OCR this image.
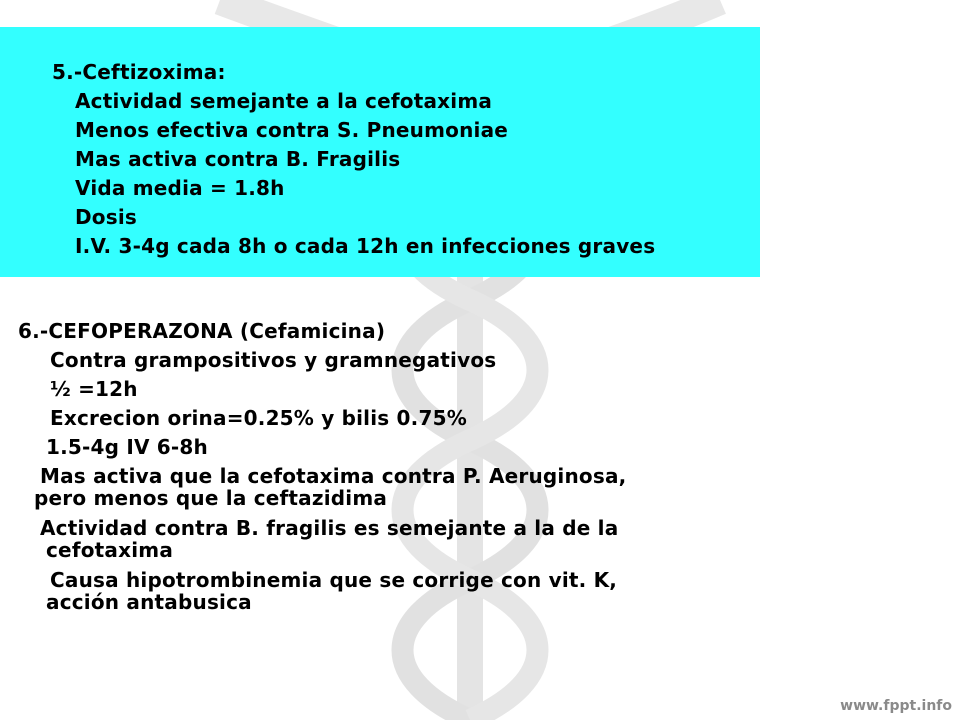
5.-Ceftizoxima:
Actividad semejante a la cefotaxima
Menos efectiva contra S. Pneumoniae
Mas activa contra B. Fragilis
Vida media = 1.8h
Dosis
I.V. 3-4g cada 8h o cada 12h en infecciones graves
6.-CEFOPERAZONA (Cefamicina)
Contra grampositivos y gramnegativos
½ =12h
Excrecion orina=0.25% y bilis 0.75%
1.5-4g IV 6-8h
Mas activa que la cefotaxima contra P. Aeruginosa,
pero menos que la ceftazidima
Actividad contra B. fragilis es semejante a la de la
cefotaxima
Causa hipotrombinemia que se corrige con vit. K,
acción antabusica
www.fppt.info
